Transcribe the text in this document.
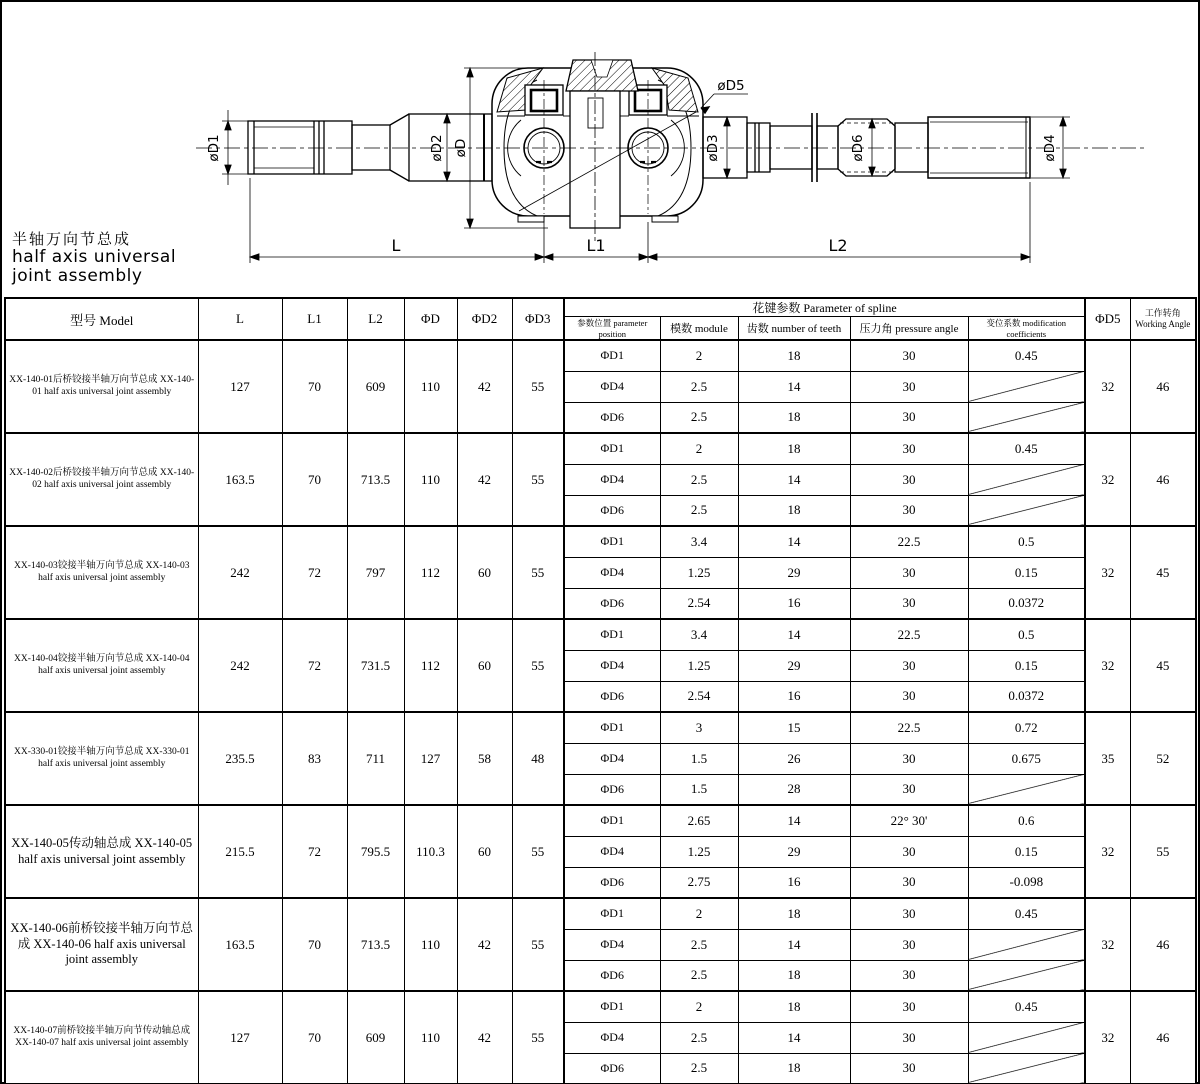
øD1	øD2 øD
øD5
øD3	øD6	øD4
L	L1	L2
半轴万向节总成
half axis universal
joint assembly
型号 Model	L	L1	L2	ΦD	ΦD2	ΦD3	花键参数 Parameter of spline					ΦD5	工作转角
Working Angle

							参数位置 parameter position	模数 module	齿数 number of teeth	压力角 pressure angle	变位系数 modification coefficients		
XX-140-01后桥铰接半轴万向节总成 XX-140-01 half axis universal joint assembly	127	70	609	110	42	55	ΦD1	2	18	30	0.45	32	46
							ΦD4	2.5	14	30			
							ΦD6	2.5	18	30			
XX-140-02后桥铰接半轴万向节总成 XX-140-02 half axis universal joint assembly	163.5	70	713.5	110	42	55	ΦD1	2	18	30	0.45	32	46
							ΦD4	2.5	14	30			
							ΦD6	2.5	18	30			
XX-140-03铰接半轴万向节总成 XX-140-03 half axis universal joint assembly	242	72	797	112	60	55	ΦD1	3.4	14	22.5	0.5	32	45
							ΦD4	1.25	29	30	0.15		
							ΦD6	2.54	16	30	0.0372		
XX-140-04铰接半轴万向节总成 XX-140-04 half axis universal joint assembly	242	72	731.5	112	60	55	ΦD1	3.4	14	22.5	0.5	32	45
							ΦD4	1.25	29	30	0.15		
							ΦD6	2.54	16	30	0.0372		
XX-330-01铰接半轴万向节总成 XX-330-01 half axis universal joint assembly	235.5	83	711	127	58	48	ΦD1	3	15	22.5	0.72	35	52
							ΦD4	1.5	26	30	0.675		
							ΦD6	1.5	28	30			
XX-140-05传动轴总成 XX-140-05 half axis universal joint assembly	215.5	72	795.5	110.3	60	55	ΦD1	2.65	14	22° 30'	0.6	32	55
							ΦD4	1.25	29	30	0.15		
							ΦD6	2.75	16	30	-0.098		
XX-140-06前桥铰接半轴万向节总成 XX-140-06 half axis universal joint assembly	163.5	70	713.5	110	42	55	ΦD1	2	18	30	0.45	32	46
							ΦD4	2.5	14	30			
							ΦD6	2.5	18	30			
XX-140-07前桥铰接半轴万向节传动轴总成 XX-140-07 half axis universal joint assembly	127	70	609	110	42	55	ΦD1	2	18	30	0.45	32	46
							ΦD4	2.5	14	30			
							ΦD6	2.5	18	30			
